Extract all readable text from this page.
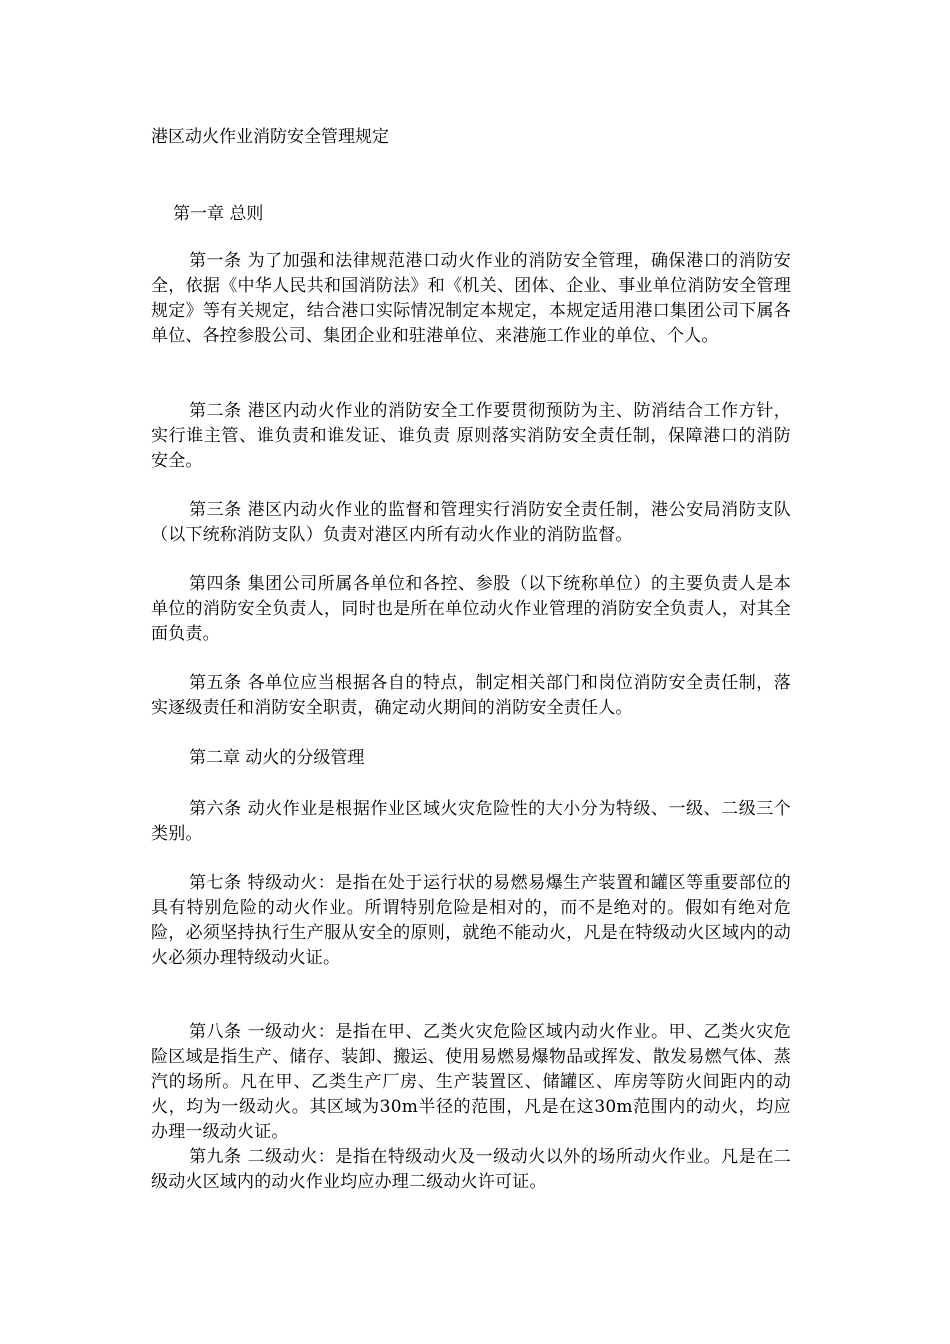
港区动火作业消防安全管理规定
第一章 总则

第一条 为了加强和法律规范港口动火作业的消防安全管理，确保港口的消防安全，依据《中华人民共和国消防法》和《机关、团体、企业、事业单位消防安全管理规定》等有关规定，结合港口实际情况制定本规定，本规定适用港口集团公司下属各单位、各控参股公司、集团企业和驻港单位、来港施工作业的单位、个人。

第二条 港区内动火作业的消防安全工作要贯彻预防为主、防消结合工作方针，实行谁主管、谁负责和谁发证、谁负责 原则落实消防安全责任制，保障港口的消防安全。

第三条 港区内动火作业的监督和管理实行消防安全责任制，港公安局消防支队（以下统称消防支队）负责对港区内所有动火作业的消防监督。

第四条 集团公司所属各单位和各控、参股（以下统称单位）的主要负责人是本单位的消防安全负责人，同时也是所在单位动火作业管理的消防安全负责人，对其全面负责。

第五条 各单位应当根据各自的特点，制定相关部门和岗位消防安全责任制，落实逐级责任和消防安全职责，确定动火期间的消防安全责任人。

第二章 动火的分级管理

第六条 动火作业是根据作业区域火灾危险性的大小分为特级、一级、二级三个类别。

第七条 特级动火：是指在处于运行状的易燃易爆生产装置和罐区等重要部位的具有特别危险的动火作业。所谓特别危险是相对的，而不是绝对的。假如有绝对危险，必须坚持执行生产服从安全的原则，就绝不能动火，凡是在特级动火区域内的动火必须办理特级动火证。

第八条 一级动火：是指在甲、乙类火灾危险区域内动火作业。甲、乙类火灾危险区域是指生产、储存、装卸、搬运、使用易燃易爆物品或挥发、散发易燃气体、蒸汽的场所。凡在甲、乙类生产厂房、生产装置区、储罐区、库房等防火间距内的动火，均为一级动火。其区域为30m半径的范围，凡是在这30m范围内的动火，均应办理一级动火证。

第九条 二级动火：是指在特级动火及一级动火以外的场所动火作业。凡是在二级动火区域内的动火作业均应办理二级动火许可证。
